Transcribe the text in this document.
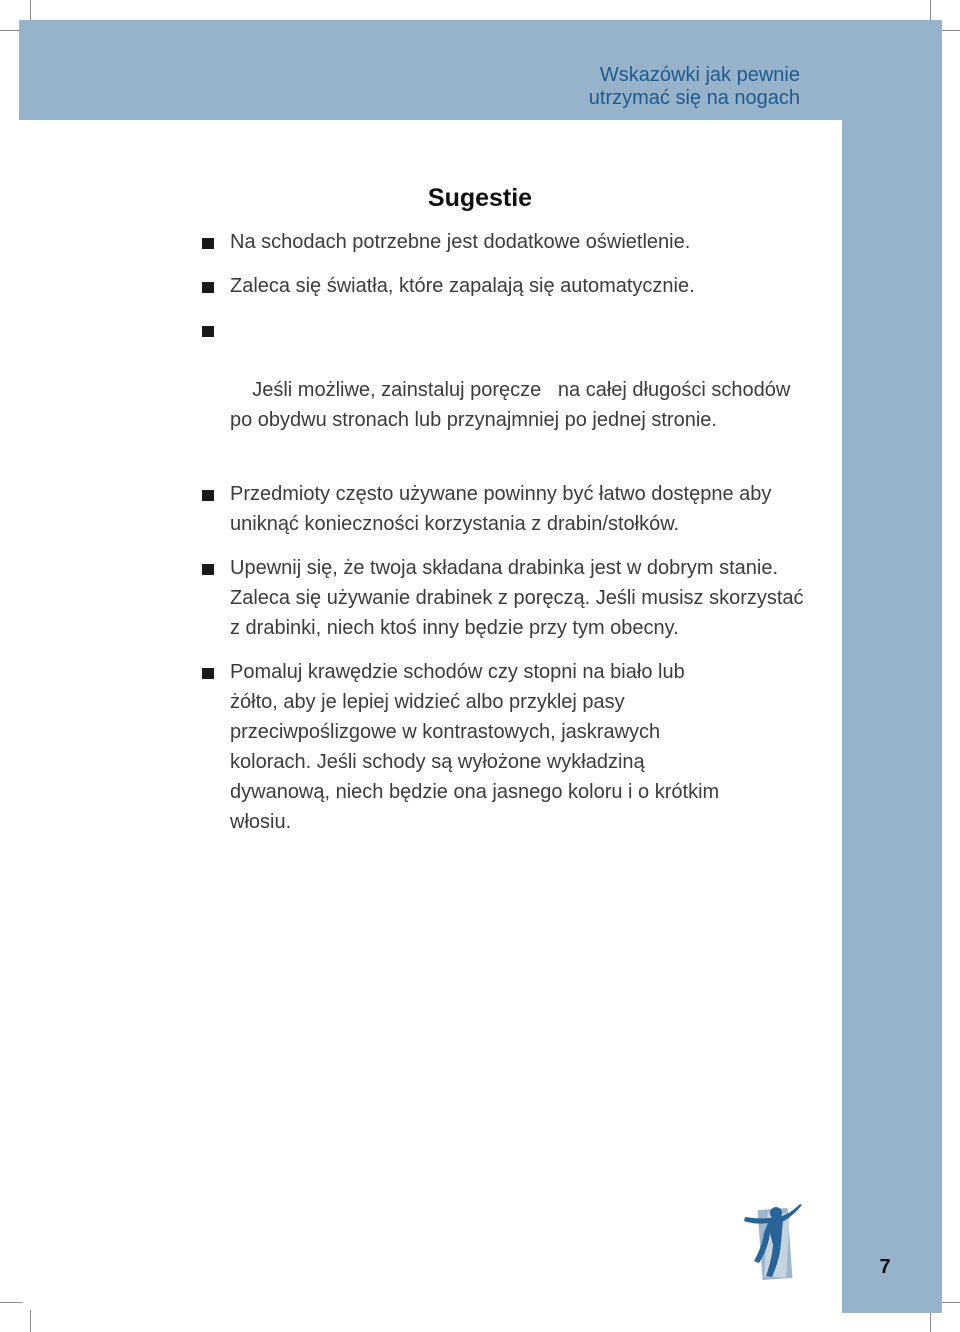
Wskazówki jak pewnie
utrzymać się na nogach
Sugestie
Na schodach potrzebne jest dodatkowe oświetlenie.
Zaleca się światła, które zapalają się automatycznie.

Jeśli możliwe, zainstaluj poręcze   na całej długości schodów po obydwu stronach lub przynajmniej po jednej stronie.

Przedmioty często używane powinny być łatwo dostępne aby uniknąć konieczności korzystania z drabin/stołków.
Upewnij się, że twoja składana drabinka jest w dobrym stanie. Zaleca się używanie drabinek z poręczą. Jeśli musisz skorzystać z drabinki, niech ktoś inny będzie przy tym obecny.
Pomaluj krawędzie schodów czy stopni na biało lub żółto, aby je lepiej widzieć albo przyklej pasy przeciwpoślizgowe w kontrastowych, jaskrawych kolorach. Jeśli schody są wyłożone wykładziną dywanową, niech będzie ona jasnego koloru i o krótkim włosiu.
7
